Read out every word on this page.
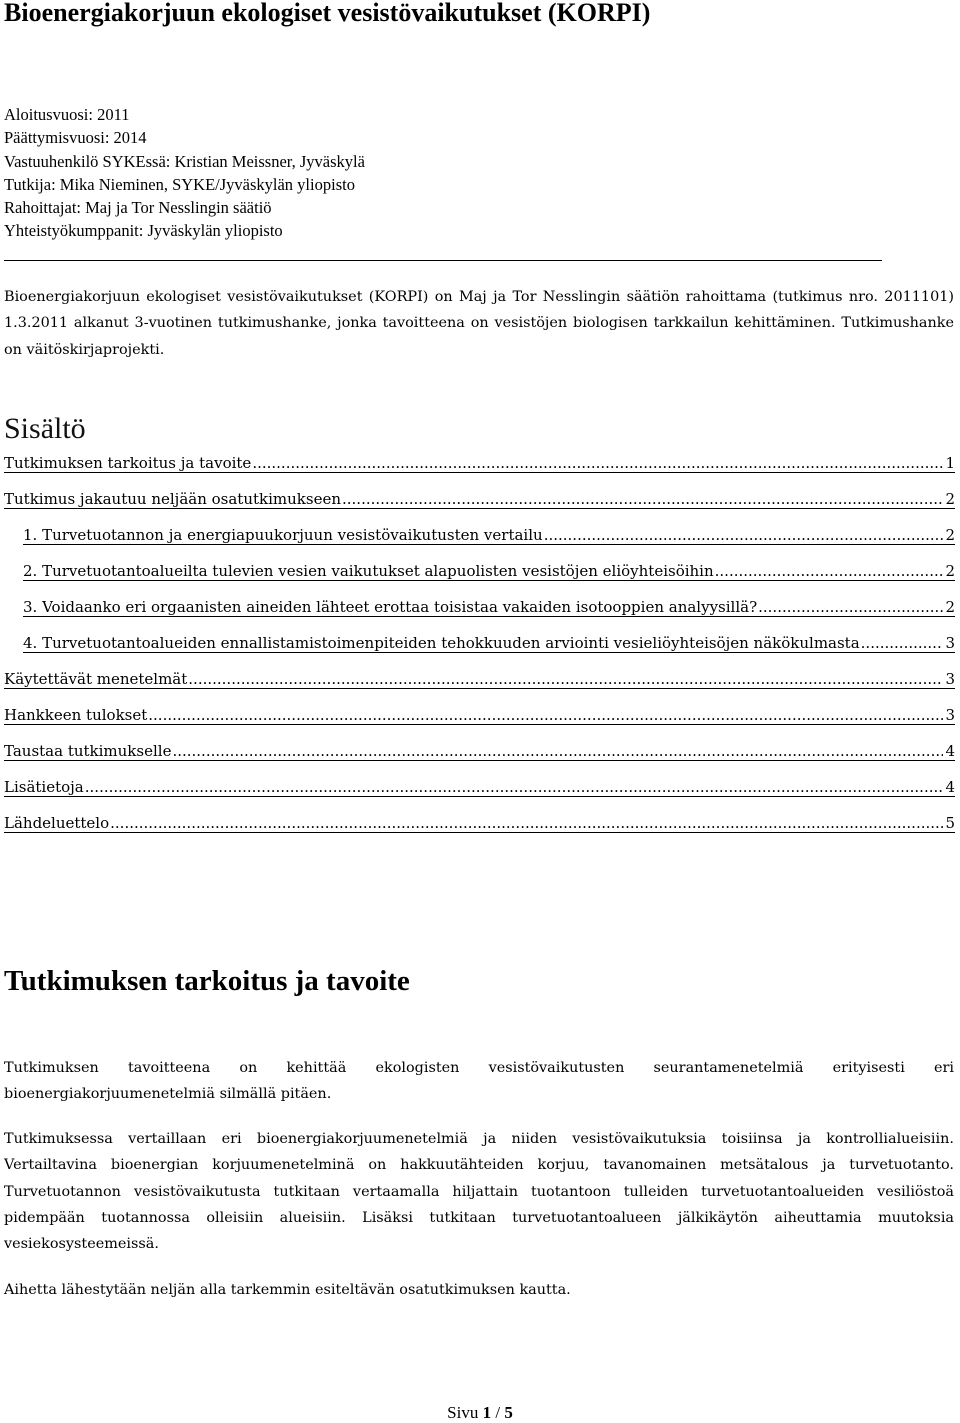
Bioenergiakorjuun ekologiset vesistövaikutukset (KORPI)
Aloitusvuosi: 2011
Päättymisvuosi: 2014
Vastuuhenkilö SYKEssä: Kristian Meissner, Jyväskylä
Tutkija: Mika Nieminen, SYKE/Jyväskylän yliopisto
Rahoittajat: Maj ja Tor Nesslingin säätiö
Yhteistyökumppanit: Jyväskylän yliopisto

Bioenergiakorjuun ekologiset vesistövaikutukset (KORPI) on Maj ja Tor Nesslingin säätiön rahoittama (tutkimus nro. 2011101) 1.3.2011 alkanut 3-vuotinen tutkimushanke, jonka tavoitteena on vesistöjen biologisen tarkkailun kehittäminen. Tutkimushanke on väitöskirjaprojekti.

Sisältö
Tutkimuksen tarkoitus ja tavoite .....	1
Tutkimus jakautuu neljään osatutkimukseen .....	2
1. Turvetuotannon ja energiapuukorjuun vesistövaikutusten vertailu .....	2
2. Turvetuotantoalueilta tulevien vesien vaikutukset alapuolisten vesistöjen eliöyhteisöihin .....	2
3. Voidaanko eri orgaanisten aineiden lähteet erottaa toisistaa vakaiden isotooppien analyysillä? .....	2
4. Turvetuotantoalueiden ennallistamistoimenpiteiden tehokkuuden arviointi vesieliöyhteisöjen näkökulmasta .....	3
Käytettävät menetelmät .....	3
Hankkeen tulokset .....	3
Taustaa tutkimukselle .....	4
Lisätietoja .....	4
Lähdeluettelo .....	5
Tutkimuksen tarkoitus ja tavoite

Tutkimuksen tavoitteena on kehittää ekologisten vesistövaikutusten seurantamenetelmiä erityisesti eri bioenergiakorjuumenetelmiä silmällä pitäen.

Tutkimuksessa vertaillaan eri bioenergiakorjuumenetelmiä ja niiden vesistövaikutuksia toisiinsa ja kontrollialueisiin. Vertailtavina bioenergian korjuumenetelminä on hakkuutähteiden korjuu, tavanomainen metsätalous ja turvetuotanto. Turvetuotannon vesistövaikutusta tutkitaan vertaamalla hiljattain tuotantoon tulleiden turvetuotantoalueiden vesiliöstoä pidempään tuotannossa olleisiin alueisiin. Lisäksi tutkitaan turvetuotantoalueen jälkikäytön aiheuttamia muutoksia vesiekosysteemeissä.

Aihetta lähestytään neljän alla tarkemmin esiteltävän osatutkimuksen kautta.

Sivu 1 / 5
